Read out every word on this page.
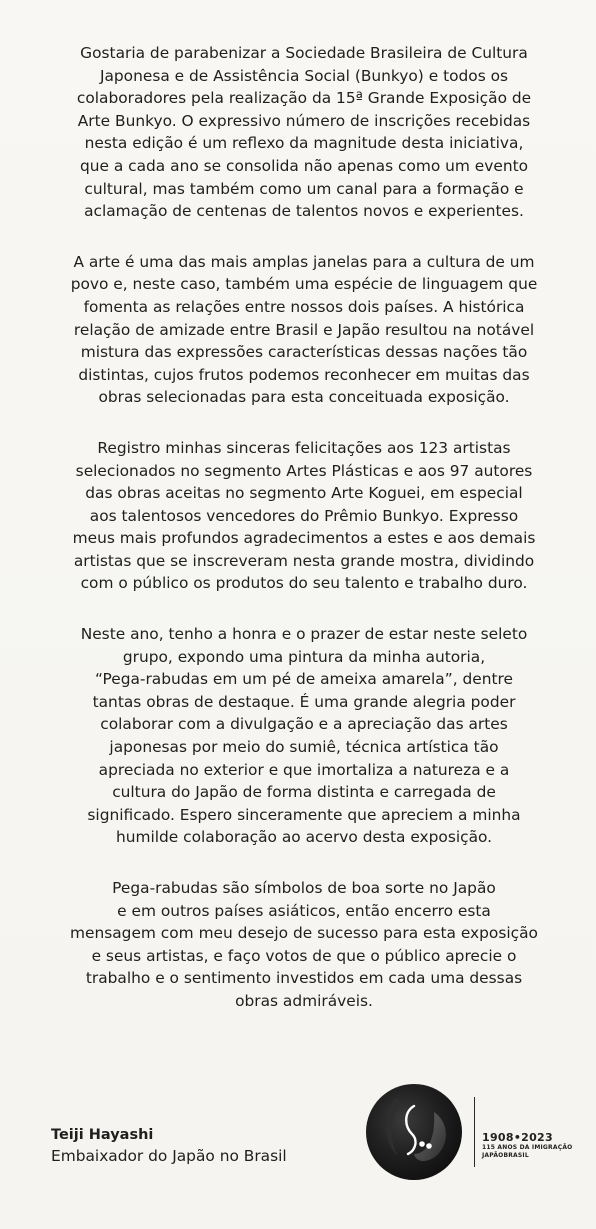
Gostaria de parabenizar a Sociedade Brasileira de Cultura
Japonesa e de Assistência Social (Bunkyo) e todos os
colaboradores pela realização da 15ª Grande Exposição de
Arte Bunkyo. O expressivo número de inscrições recebidas
nesta edição é um reflexo da magnitude desta iniciativa,
que a cada ano se consolida não apenas como um evento
cultural, mas também como um canal para a formação e
aclamação de centenas de talentos novos e experientes.

A arte é uma das mais amplas janelas para a cultura de um
povo e, neste caso, também uma espécie de linguagem que
fomenta as relações entre nossos dois países. A histórica
relação de amizade entre Brasil e Japão resultou na notável
mistura das expressões características dessas nações tão
distintas, cujos frutos podemos reconhecer em muitas das
obras selecionadas para esta conceituada exposição.

Registro minhas sinceras felicitações aos 123 artistas
selecionados no segmento Artes Plásticas e aos 97 autores
das obras aceitas no segmento Arte Koguei, em especial
aos talentosos vencedores do Prêmio Bunkyo. Expresso
meus mais profundos agradecimentos a estes e aos demais
artistas que se inscreveram nesta grande mostra, dividindo
com o público os produtos do seu talento e trabalho duro.

Neste ano, tenho a honra e o prazer de estar neste seleto
grupo, expondo uma pintura da minha autoria,
“Pega-rabudas em um pé de ameixa amarela”, dentre
tantas obras de destaque. É uma grande alegria poder
colaborar com a divulgação e a apreciação das artes
japonesas por meio do sumiê, técnica artística tão
apreciada no exterior e que imortaliza a natureza e a
cultura do Japão de forma distinta e carregada de
significado. Espero sinceramente que apreciem a minha
humilde colaboração ao acervo desta exposição.

Pega-rabudas são símbolos de boa sorte no Japão
e em outros países asiáticos, então encerro esta
mensagem com meu desejo de sucesso para esta exposição
e seus artistas, e faço votos de que o público aprecie o
trabalho e o sentimento investidos em cada uma dessas
obras admiráveis.

Teiji Hayashi
Embaixador do Japão no Brasil
1908•2023
115 ANOS DA IMIGRAÇÃO
JAPÃOBRASIL
